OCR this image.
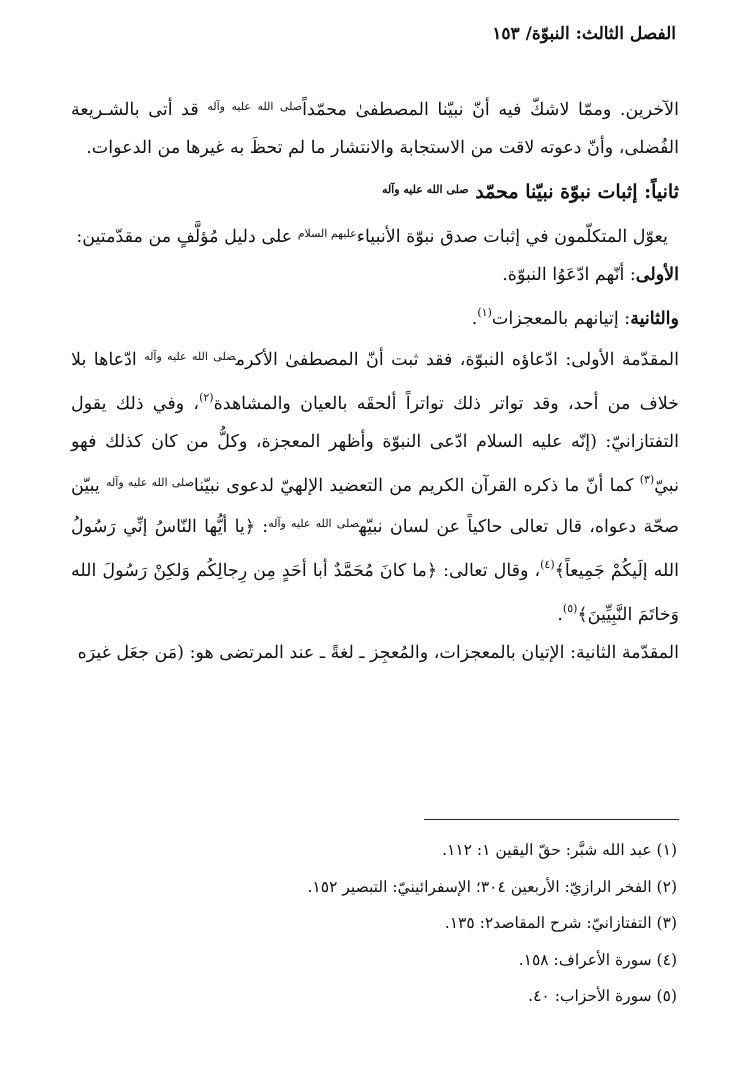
الفصل الثالث: النبوّة/ ١٥٣

الآخرين. وممّا لاشكّ فيه أنّ نبيّنا المصطفىٰ محمّداً$^{صلى الله عليه وآله}$ قد أتى بالشـريعة الفُضلى، وأنّ دعوته لاقت من الاستجابة والانتشار ما لم تحظَ به غيرها من الدعوات.

ثانياً: إثبات نبوّة نبيّنا محمّد $^{صلى الله عليه وآله}$

يعوّل المتكلّمون في إثبات صدق نبوّة الأنبياء$^{عليهم السلام}$ على دليل مُؤلَّفٍ من مقدّمتين:

الأولى: أنّهم ادّعَوُا النبوّة.

والثانية: إتيانهم بالمعجزات$^{(١)}$.

المقدّمة الأولى: ادّعاؤه النبوّة، فقد ثبت أنّ المصطفىٰ الأكرم$^{صلى الله عليه وآله}$ ادّعاها بلا خلاف من أحد، وقد تواتر ذلك تواتراً ألحقَه بالعيان والمشاهدة$^{(٢)}$، وفي ذلك يقول التفتازانيّ: (إنّه عليه السلام ادّعى النبوّة وأظهر المعجزة، وكلُّ من كان كذلك فهو نبيّ$^{(٣)}$ كما أنّ ما ذكره القرآن الكريم من التعضيد الإلهيّ لدعوى نبيّنا$^{صلى الله عليه وآله}$ يبيّن صحّة دعواه، قال تعالى حاكياً عن لسان نبيّه$^{صلى الله عليه وآله}$: ﴿يا أيُّها النّاسُ إنِّي رَسُولُ الله إلَيكُمْ جَمِيعاً﴾$^{(٤)}$، وقال تعالى: ﴿ما كانَ مُحَمَّدٌ أبا أحَدٍ مِن رِجالِكُم وَلكِنْ رَسُولَ الله وَخاتَمَ النَّبِيِّينَ﴾$^{(٥)}$.

المقدّمة الثانية: الإتيان بالمعجزات، والمُعجِز ـ لغةً ـ عند المرتضى هو: (مَن جعَل غيرَه

(١) عبد الله شبَّر: حقّ اليقين ١: ١١٢.
(٢) الفخر الرازيّ: الأربعين ٣٠٤؛ الإسفرائينيّ: التبصير ١٥٢.
(٣) التفتازانيّ: شرح المقاصد٢: ١٣٥.
(٤) سورة الأعراف: ١٥٨.
(٥) سورة الأحزاب: ٤٠.
